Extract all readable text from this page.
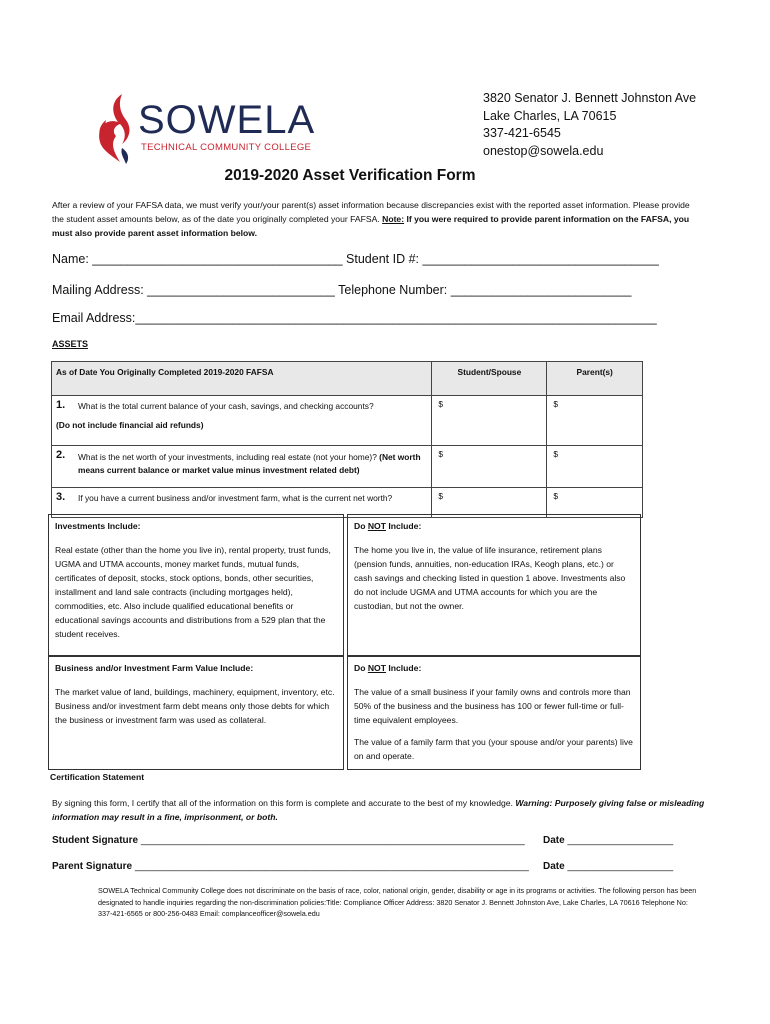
SOWELA
TECHNICAL COMMUNITY COLLEGE
3820 Senator J. Bennett Johnston Ave
Lake Charles, LA 70615
337-421-6545
onestop@sowela.edu
2019-2020 Asset Verification Form
After a review of your FAFSA data, we must verify your/your parent(s) asset information because discrepancies exist with the reported asset information. Please provide the student asset amounts below, as of the date you originally completed your FAFSA. Note: If you were required to provide parent information on the FAFSA, you must also provide parent asset information below.
Name: ____________________________________ Student ID #: __________________________________
Mailing Address: ___________________________ Telephone Number: __________________________
Email Address:___________________________________________________________________________
ASSETS
As of Date You Originally Completed 2019-2020 FAFSA	Student/Spouse	Parent(s)

1. What is the total current balance of your cash, savings, and checking accounts?
(Do not include financial aid refunds)	$	$

2. What is the net worth of your investments, including real estate (not your home)? (Net worth means current balance or market value minus investment related debt)	$	$

3. If you have a current business and/or investment farm, what is the current net worth?	$	$
Investments Include:
Real estate (other than the home you live in), rental property, trust funds, UGMA and UTMA accounts, money market funds, mutual funds, certificates of deposit, stocks, stock options, bonds, other securities, installment and land sale contracts (including mortgages held), commodities, etc. Also include qualified educational benefits or educational savings accounts and distributions from a 529 plan that the student receives.
Do NOT Include:
The home you live in, the value of life insurance, retirement plans (pension funds, annuities, non-education IRAs, Keogh plans, etc.) or cash savings and checking listed in question 1 above. Investments also do not include UGMA and UTMA accounts for which you are the custodian, but not the owner.
Business and/or Investment Farm Value Include:
The market value of land, buildings, machinery, equipment, inventory, etc. Business and/or investment farm debt means only those debts for which the business or investment farm was used as collateral.
Do NOT Include:
The value of a small business if your family owns and controls more than 50% of the business and the business has 100 or fewer full-time or full-time equivalent employees.
The value of a family farm that you (your spouse and/or your parents) live on and operate.
Certification Statement
By signing this form, I certify that all of the information on this form is complete and accurate to the best of my knowledge. Warning: Purposely giving false or misleading information may result in a fine, imprisonment, or both.
Student Signature _____________________________________________________________________ Date ___________________
Parent Signature _____________________________________________________________________ Date ___________________
SOWELA Technical Community College does not discriminate on the basis of race, color, national origin, gender, disability or age in its programs or activities. The following person has been designated to handle inquiries regarding the non-discrimination policies:Title: Compliance Officer Address: 3820 Senator J. Bennett Johnston Ave, Lake Charles, LA 70616 Telephone No: 337-421-6565 or 800-256-0483 Email: complanceofficer@sowela.edu
